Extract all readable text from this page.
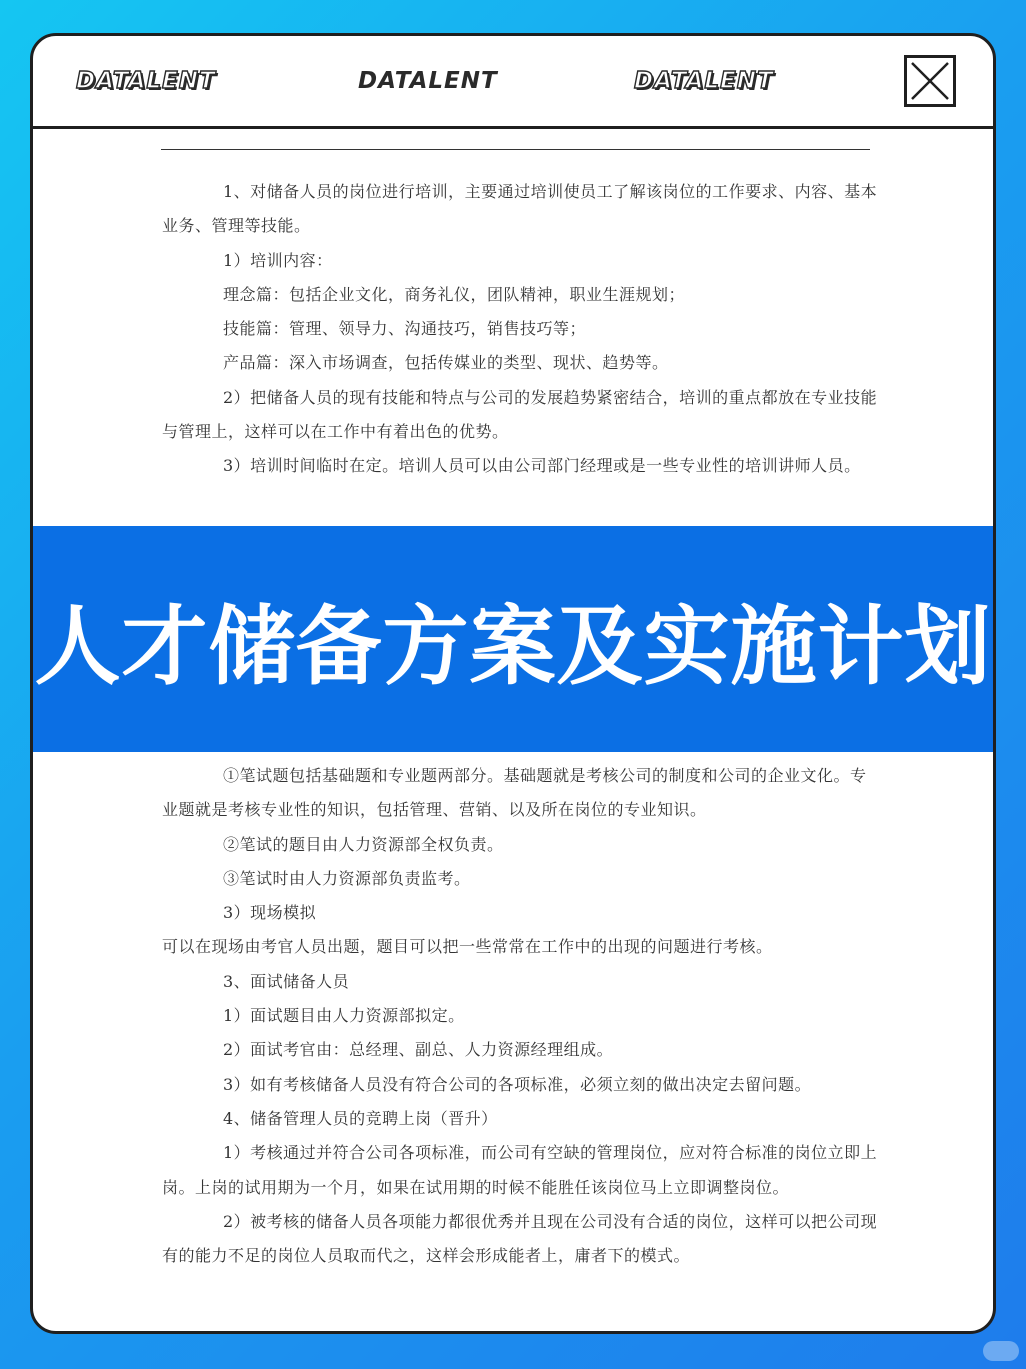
DATALENT	DATALENT	DATALENT

1、对储备人员的岗位进行培训，主要通过培训使员工了解该岗位的工作要求、内容、基本业务、管理等技能。

1）培训内容：

理念篇：包括企业文化，商务礼仪，团队精神，职业生涯规划；

技能篇：管理、领导力、沟通技巧，销售技巧等；

产品篇：深入市场调查，包括传媒业的类型、现状、趋势等。

2）把储备人员的现有技能和特点与公司的发展趋势紧密结合，培训的重点都放在专业技能与管理上，这样可以在工作中有着出色的优势。

3）培训时间临时在定。培训人员可以由公司部门经理或是一些专业性的培训讲师人员。

人才储备方案及实施计划

①笔试题包括基础题和专业题两部分。基础题就是考核公司的制度和公司的企业文化。专业题就是考核专业性的知识，包括管理、营销、以及所在岗位的专业知识。

②笔试的题目由人力资源部全权负责。

③笔试时由人力资源部负责监考。

3）现场模拟

可以在现场由考官人员出题，题目可以把一些常常在工作中的出现的问题进行考核。

3、面试储备人员

1）面试题目由人力资源部拟定。

2）面试考官由：总经理、副总、人力资源经理组成。

3）如有考核储备人员没有符合公司的各项标准，必须立刻的做出决定去留问题。

4、储备管理人员的竞聘上岗（晋升）

1）考核通过并符合公司各项标准，而公司有空缺的管理岗位，应对符合标准的岗位立即上岗。上岗的试用期为一个月，如果在试用期的时候不能胜任该岗位马上立即调整岗位。

2）被考核的储备人员各项能力都很优秀并且现在公司没有合适的岗位，这样可以把公司现有的能力不足的岗位人员取而代之，这样会形成能者上，庸者下的模式。
